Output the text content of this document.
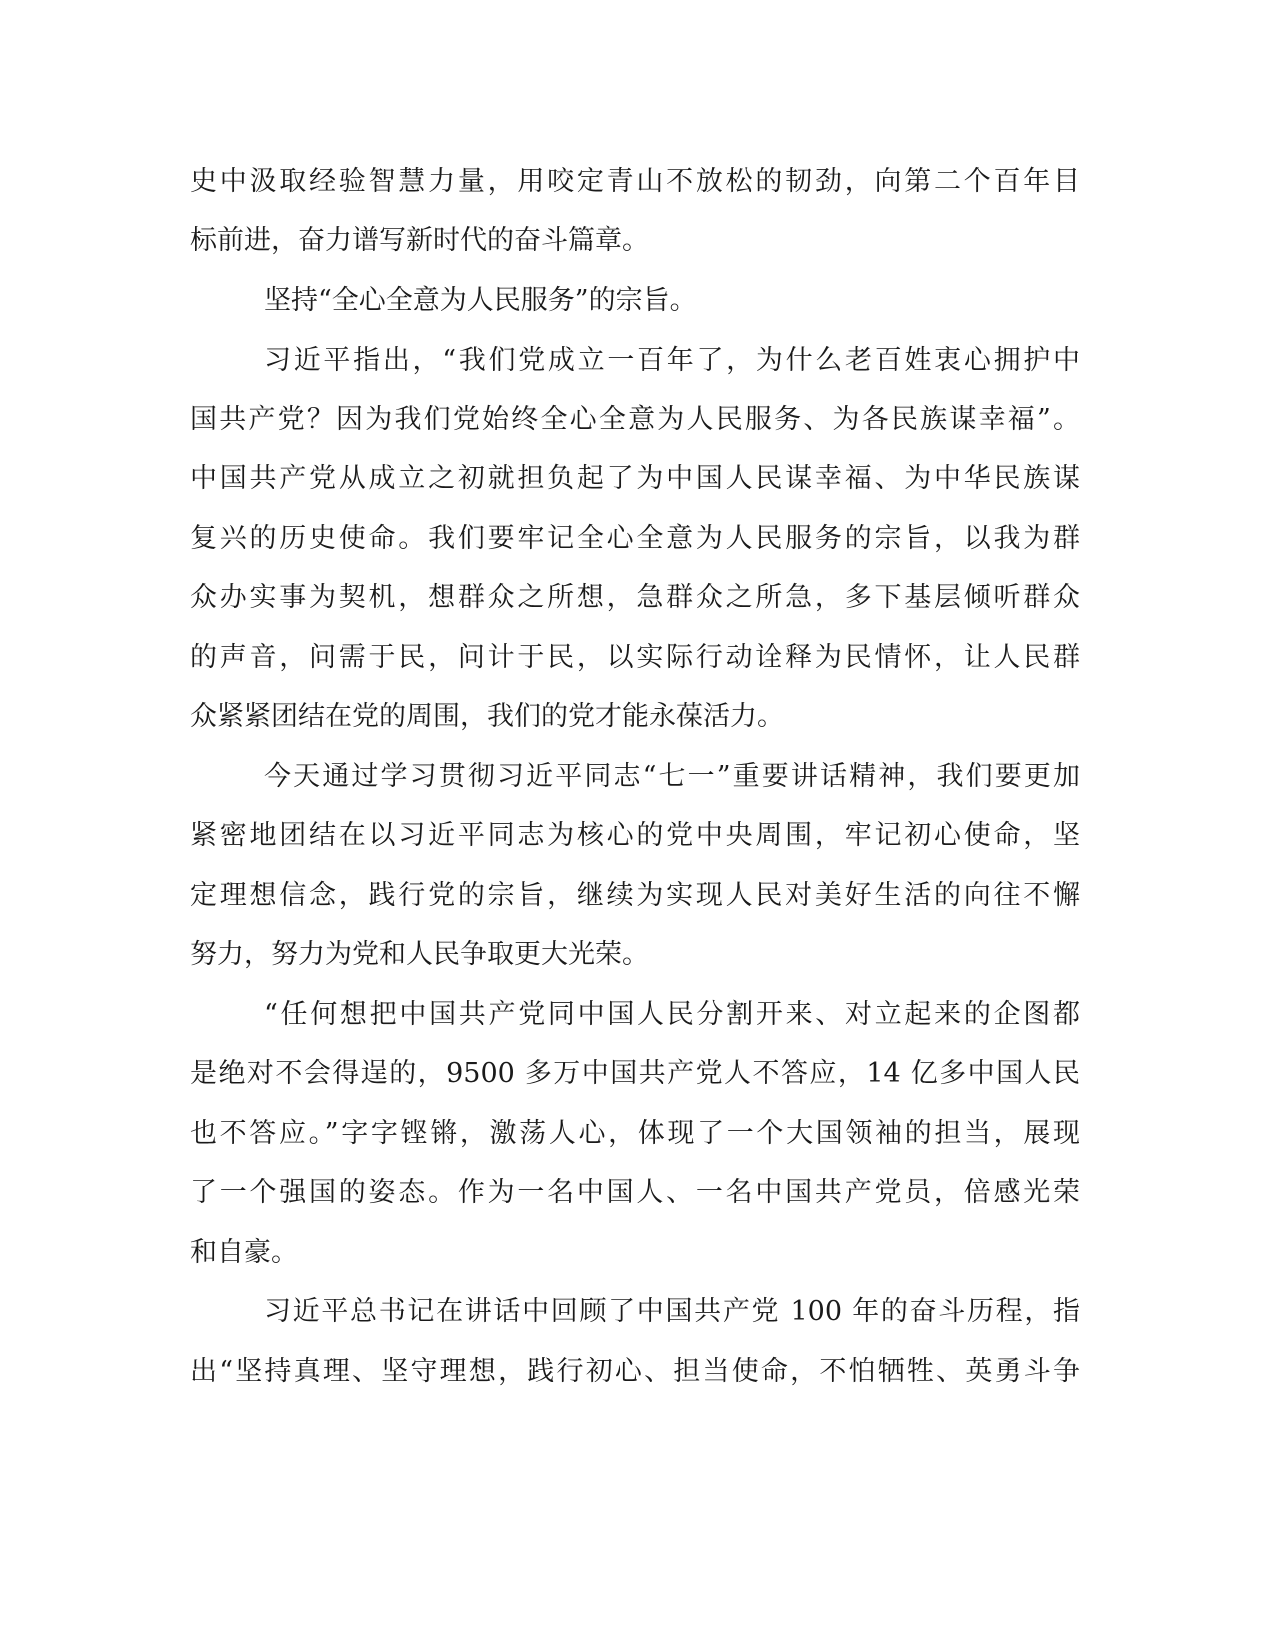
史中汲取经验智慧力量，用咬定青山不放松的韧劲，向第二个百年目

标前进，奋力谱写新时代的奋斗篇章。

坚持“全心全意为人民服务”的宗旨。

习近平指出，“我们党成立一百年了，为什么老百姓衷心拥护中

国共产党？因为我们党始终全心全意为人民服务、为各民族谋幸福”。

中国共产党从成立之初就担负起了为中国人民谋幸福、为中华民族谋

复兴的历史使命。我们要牢记全心全意为人民服务的宗旨，以我为群

众办实事为契机，想群众之所想，急群众之所急，多下基层倾听群众

的声音，问需于民，问计于民，以实际行动诠释为民情怀，让人民群

众紧紧团结在党的周围，我们的党才能永葆活力。

今天通过学习贯彻习近平同志“七一”重要讲话精神，我们要更加

紧密地团结在以习近平同志为核心的党中央周围，牢记初心使命，坚

定理想信念，践行党的宗旨，继续为实现人民对美好生活的向往不懈

努力，努力为党和人民争取更大光荣。

“任何想把中国共产党同中国人民分割开来、对立起来的企图都

是绝对不会得逞的，9500 多万中国共产党人不答应，14 亿多中国人民

也不答应。”字字铿锵，激荡人心，体现了一个大国领袖的担当，展现

了一个强国的姿态。作为一名中国人、一名中国共产党员，倍感光荣

和自豪。

习近平总书记在讲话中回顾了中国共产党 100 年的奋斗历程，指

出“坚持真理、坚守理想，践行初心、担当使命，不怕牺牲、英勇斗争
